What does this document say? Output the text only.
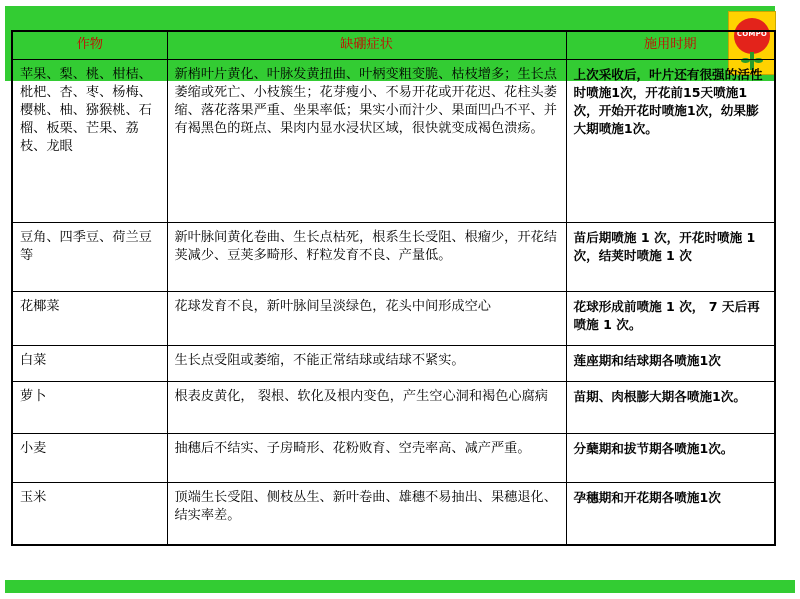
COMPO
作物	缺硼症状	施用时期
苹果、梨、桃、柑桔、枇杷、杏、枣、杨梅、樱桃、柚、猕猴桃、石榴、板栗、芒果、荔枝、龙眼	新梢叶片黄化、叶脉发黄扭曲、叶柄变粗变脆、枯枝增多；生长点萎缩或死亡、小枝簇生；花芽瘦小、不易开花或开花迟、花柱头萎缩、落花落果严重、坐果率低；果实小而汁少、果面凹凸不平、并有褐黑色的斑点、果肉内显水浸状区域，很快就变成褐色溃疡。	上次采收后，叶片还有很强的活性时喷施1次，开花前15天喷施1次，开始开花时喷施1次，幼果膨大期喷施1次。
豆角、四季豆、荷兰豆等	新叶脉间黄化卷曲、生长点枯死，根系生长受阻、根瘤少，开花结荚减少、豆荚多畸形、籽粒发育不良、产量低。	苗后期喷施 1 次，开花时喷施 1 次，结荚时喷施 1 次
花椰菜	花球发育不良，新叶脉间呈淡绿色，花头中间形成空心	花球形成前喷施 1 次， 7 天后再喷施 1 次。
白菜	生长点受阻或萎缩，不能正常结球或结球不紧实。	莲座期和结球期各喷施1次
萝卜	根表皮黄化， 裂根、软化及根内变色，产生空心洞和褐色心腐病	苗期、肉根膨大期各喷施1次。
小麦	抽穗后不结实、子房畸形、花粉败育、空壳率高、减产严重。	分蘖期和拔节期各喷施1次。
玉米	顶端生长受阻、侧枝丛生、新叶卷曲、雄穗不易抽出、果穗退化、结实率差。	孕穗期和开花期各喷施1次
